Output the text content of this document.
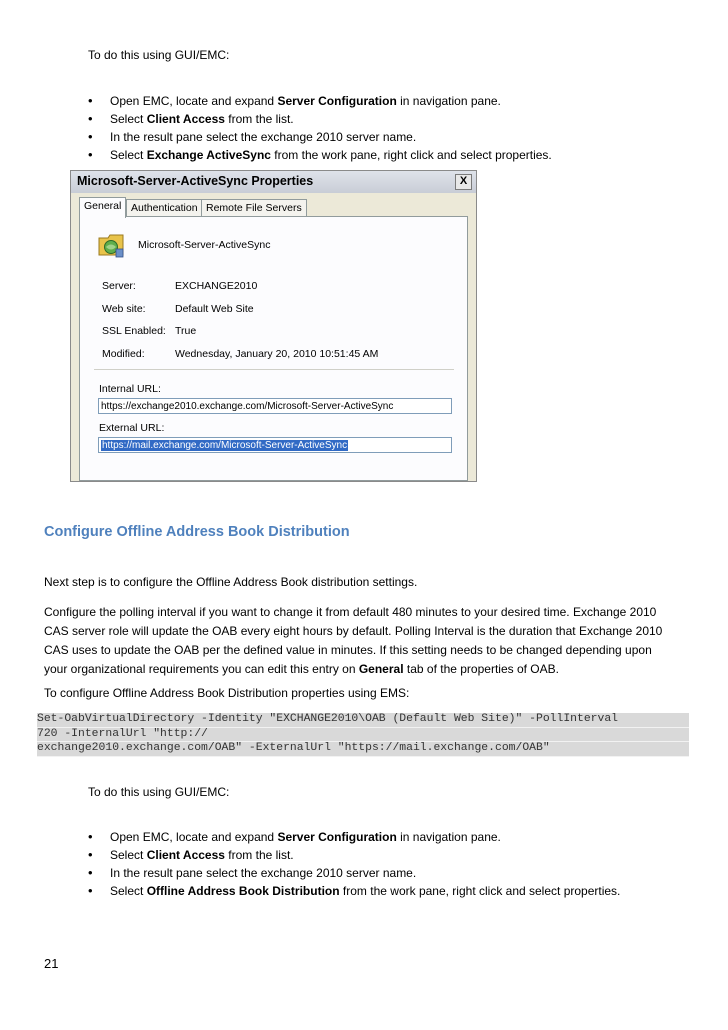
To do this using GUI/EMC:
• Open EMC, locate and expand Server Configuration in navigation pane.
• Select Client Access from the list.
• In the result pane select the exchange 2010 server name.
• Select Exchange ActiveSync from the work pane, right click and select properties.
Microsoft-Server-ActiveSync Properties	X
General Authentication Remote File Servers
Microsoft-Server-ActiveSync
Server:	EXCHANGE2010
Web site:	Default Web Site
SSL Enabled: True
Modified:	Wednesday, January 20, 2010 10:51:45 AM
Internal URL:
https://exchange2010.exchange.com/Microsoft-Server-ActiveSync
External URL:
https://mail.exchange.com/Microsoft-Server-ActiveSync
Configure Offline Address Book Distribution
Next step is to configure the Offline Address Book distribution settings.
Configure the polling interval if you want to change it from default 480 minutes to your desired time. Exchange 2010
CAS server role will update the OAB every eight hours by default. Polling Interval is the duration that Exchange 2010
CAS uses to update the OAB per the defined value in minutes. If this setting needs to be changed depending upon
your organizational requirements you can edit this entry on General tab of the properties of OAB.
To configure Offline Address Book Distribution properties using EMS:
Set-OabVirtualDirectory -Identity "EXCHANGE2010\OAB (Default Web Site)" -PollInterval
720 -InternalUrl "http://
exchange2010.exchange.com/OAB" -ExternalUrl "https://mail.exchange.com/OAB"
To do this using GUI/EMC:
• Open EMC, locate and expand Server Configuration in navigation pane.
• Select Client Access from the list.
• In the result pane select the exchange 2010 server name.
• Select Offline Address Book Distribution from the work pane, right click and select properties.
21
